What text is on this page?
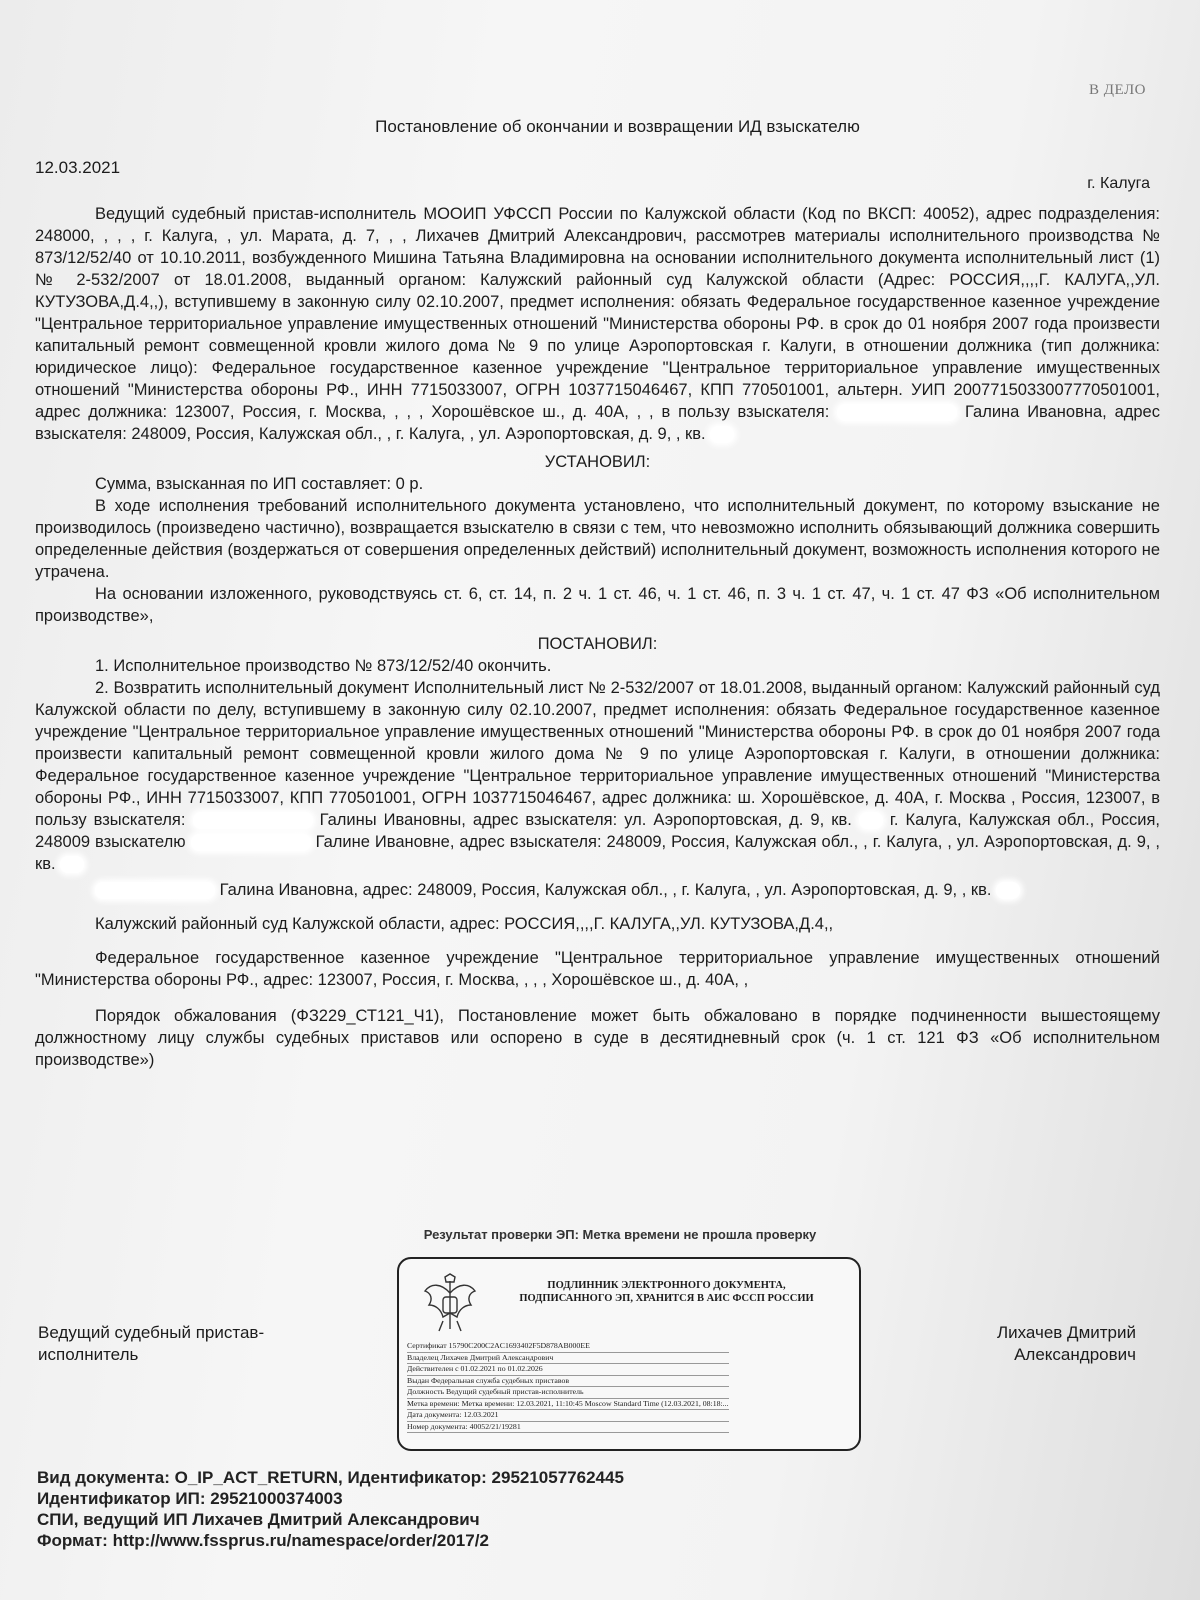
В ДЕЛО
Постановление об окончании и возвращении ИД взыскателю
12.03.2021
г. Калуга

Ведущий судебный пристав-исполнитель МООИП УФССП России по Калужской области (Код по ВКСП: 40052), адрес подразделения: 248000, , , , г. Калуга, , ул. Марата, д. 7, , , Лихачев Дмитрий Александрович, рассмотрев материалы исполнительного производства № 873/12/52/40 от 10.10.2011, возбужденного Мишина Татьяна Владимировна на основании исполнительного документа исполнительный лист (1) № 2-532/2007 от 18.01.2008, выданный органом: Калужский районный суд Калужской области (Адрес: РОССИЯ,,,,Г. КАЛУГА,,УЛ. КУТУЗОВА,Д.4,,), вступившему в законную силу 02.10.2007, предмет исполнения: обязать Федеральное государственное казенное учреждение "Центральное территориальное управление имущественных отношений "Министерства обороны РФ. в срок до 01 ноября 2007 года произвести капитальный ремонт совмещенной кровли жилого дома № 9 по улице Аэропортовская г. Калуги, в отношении должника (тип должника: юридическое лицо): Федеральное государственное казенное учреждение "Центральное территориальное управление имущественных отношений "Министерства обороны РФ., ИНН 7715033007, ОГРН 1037715046467, КПП 770501001, альтерн. УИП 2007715033007770501001, адрес должника: 123007, Россия, г. Москва, , , , Хорошёвское ш., д. 40А, , , в пользу взыскателя:	Галина Ивановна, адрес взыскателя: 248009, Россия, Калужская обл., , г. Калуга, , ул. Аэропортовская, д. 9, , кв.

УСТАНОВИЛ:

Сумма, взысканная по ИП составляет: 0 р.

В ходе исполнения требований исполнительного документа установлено, что исполнительный документ, по которому взыскание не производилось (произведено частично), возвращается взыскателю в связи с тем, что невозможно исполнить обязывающий должника совершить определенные действия (воздержаться от совершения определенных действий) исполнительный документ, возможность исполнения которого не утрачена.

На основании изложенного, руководствуясь ст. 6, ст. 14, п. 2 ч. 1 ст. 46, ч. 1 ст. 46, п. 3 ч. 1 ст. 47, ч. 1 ст. 47 ФЗ «Об исполнительном производстве»,

ПОСТАНОВИЛ:

1. Исполнительное производство № 873/12/52/40 окончить.

2. Возвратить исполнительный документ Исполнительный лист № 2-532/2007 от 18.01.2008, выданный органом: Калужский районный суд Калужской области по делу, вступившему в законную силу 02.10.2007, предмет исполнения: обязать Федеральное государственное казенное учреждение "Центральное территориальное управление имущественных отношений "Министерства обороны РФ. в срок до 01 ноября 2007 года произвести капитальный ремонт совмещенной кровли жилого дома № 9 по улице Аэропортовская г. Калуги, в отношении должника: Федеральное государственное казенное учреждение "Центральное территориальное управление имущественных отношений "Министерства обороны РФ., ИНН 7715033007, КПП 770501001, ОГРН 1037715046467, адрес должника: ш. Хорошёвское, д. 40А, г. Москва , Россия, 123007, в пользу взыскателя:	Галины Ивановны, адрес взыскателя: ул. Аэропортовская, д. 9, кв. г. Калуга, Калужская обл., Россия, 248009 взыскателю	Галине Ивановне, адрес взыскателя: 248009, Россия, Калужская обл., , г. Калуга, , ул. Аэропортовская, д. 9, , кв.

Галина Ивановна, адрес: 248009, Россия, Калужская обл., , г. Калуга, , ул. Аэропортовская, д. 9, , кв.

Калужский районный суд Калужской области, адрес: РОССИЯ,,,,Г. КАЛУГА,,УЛ. КУТУЗОВА,Д.4,,

Федеральное государственное казенное учреждение "Центральное территориальное управление имущественных отношений "Министерства обороны РФ., адрес: 123007, Россия, г. Москва, , , , Хорошёвское ш., д. 40А, ,

Порядок обжалования (ФЗ229_СТ121_Ч1), Постановление может быть обжаловано в порядке подчиненности вышестоящему должностному лицу службы судебных приставов или оспорено в суде в десятидневный срок (ч. 1 ст. 121 ФЗ «Об исполнительном производстве»)

Результат проверки ЭП: Метка времени не прошла проверку
Ведущий судебный пристав-
исполнитель
Лихачев Дмитрий
Александрович
ПОДЛИННИК ЭЛЕКТРОННОГО ДОКУМЕНТА,
ПОДПИСАННОГО ЭП, ХРАНИТСЯ В АИС ФССП РОССИИ
Сертификат 15790C200C2AC1693402F5D878AB000EE
Владелец Лихачев Дмитрий Александрович
Действителен с 01.02.2021 по 01.02.2026
Выдан Федеральная служба судебных приставов
Должность Ведущий судебный пристав-исполнитель
Метка времени: Метка времени: 12.03.2021, 11:10:45 Moscow Standard Time (12.03.2021, 08:18:...
Дата документа: 12.03.2021
Номер документа: 40052/21/19281
Вид документа: O_IP_ACT_RETURN, Идентификатор: 29521057762445
Идентификатор ИП: 29521000374003
СПИ, ведущий ИП Лихачев Дмитрий Александрович
Формат: http://www.fssprus.ru/namespace/order/2017/2
